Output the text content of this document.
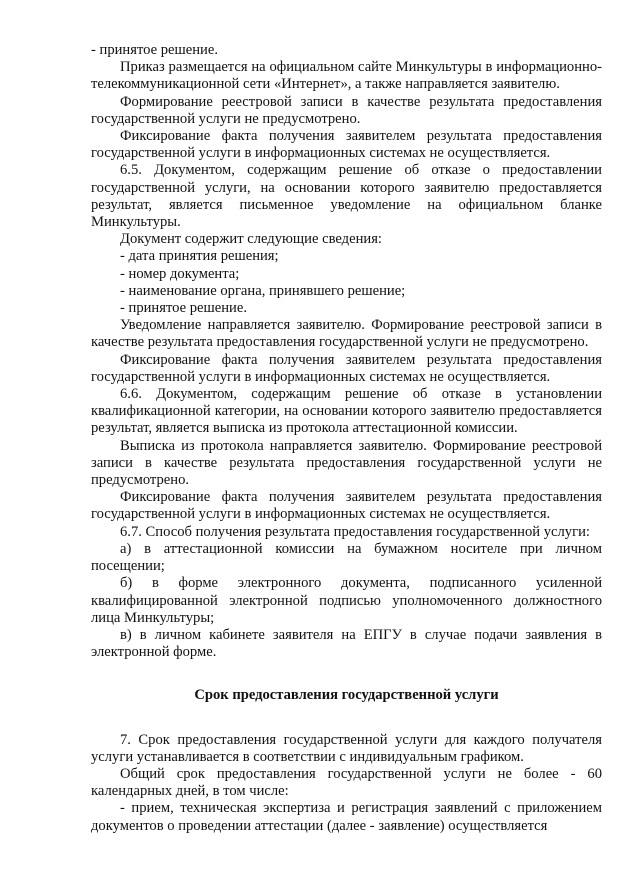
- принятое решение.

Приказ размещается на официальном сайте Минкультуры в информационно-телекоммуникационной сети «Интернет», а также направляется заявителю.

Формирование реестровой записи в качестве результата предоставления государственной услуги не предусмотрено.

Фиксирование факта получения заявителем результата предоставления государственной услуги в информационных системах не осуществляется.

6.5. Документом, содержащим решение об отказе о предоставлении государственной услуги, на основании которого заявителю предоставляется результат, является письменное уведомление на официальном бланке Минкультуры.

Документ содержит следующие сведения:

- дата принятия решения;

- номер документа;

- наименование органа, принявшего решение;

- принятое решение.

Уведомление направляется заявителю. Формирование реестровой записи в качестве результата предоставления государственной услуги не предусмотрено.

Фиксирование факта получения заявителем результата предоставления государственной услуги в информационных системах не осуществляется.

6.6. Документом, содержащим решение об отказе в установлении квалификационной категории, на основании которого заявителю предоставляется результат, является выписка из протокола аттестационной комиссии.

Выписка из протокола направляется заявителю. Формирование реестровой записи в качестве результата предоставления государственной услуги не предусмотрено.

Фиксирование факта получения заявителем результата предоставления государственной услуги в информационных системах не осуществляется.

6.7. Способ получения результата предоставления государственной услуги:

а) в аттестационной комиссии на бумажном носителе при личном посещении;

б) в форме электронного документа, подписанного усиленной квалифицированной электронной подписью уполномоченного должностного лица Минкультуры;

в) в личном кабинете заявителя на ЕПГУ в случае подачи заявления в электронной форме.

Срок предоставления государственной услуги

7. Срок предоставления государственной услуги для каждого получателя услуги устанавливается в соответствии с индивидуальным графиком.

Общий срок предоставления государственной услуги не более - 60 календарных дней, в том числе:

- прием, техническая экспертиза и регистрация заявлений с приложением документов о проведении аттестации (далее - заявление) осуществляется
